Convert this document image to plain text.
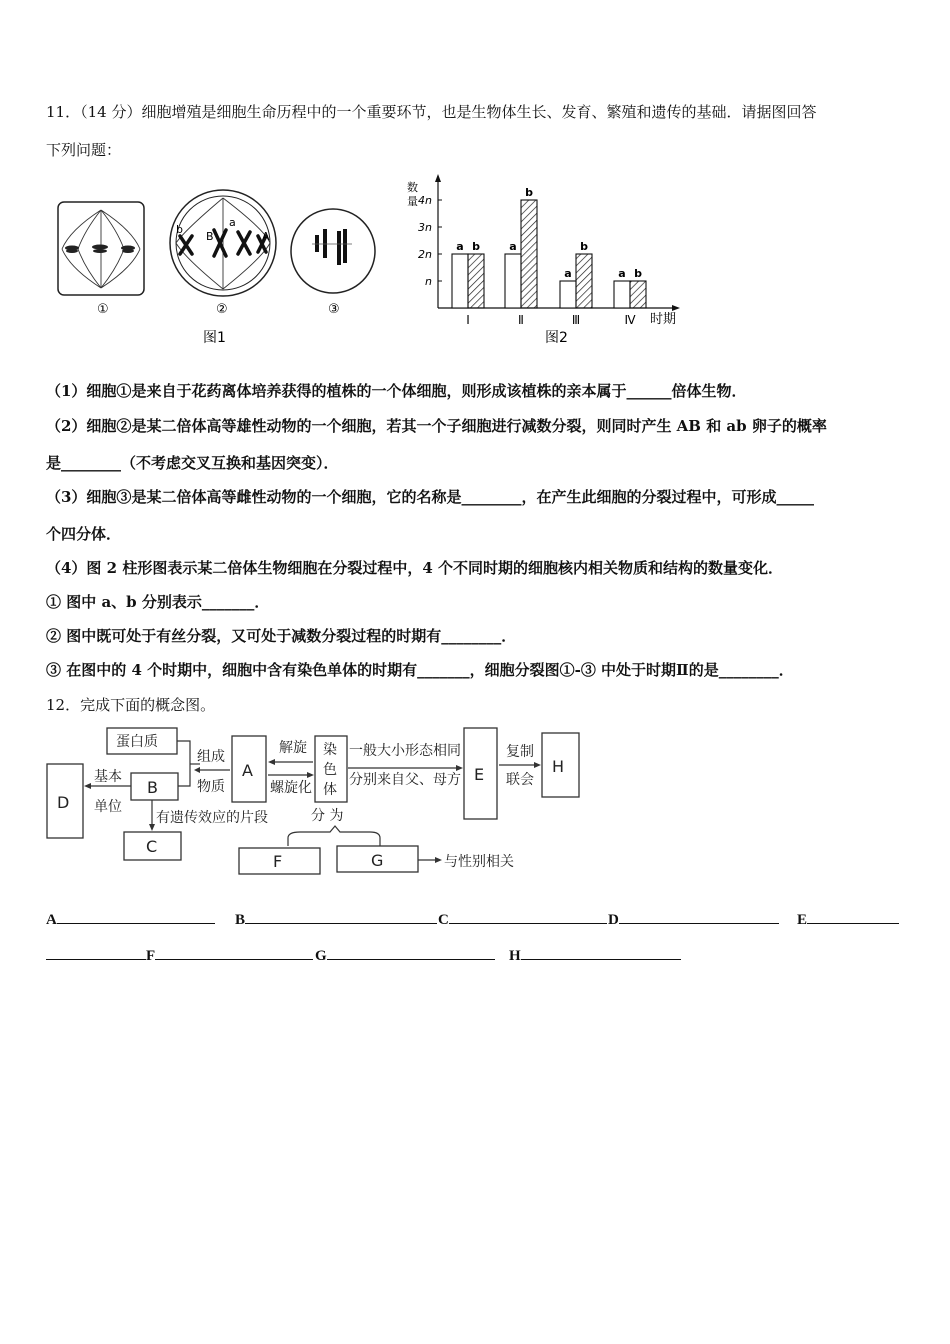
11．（14 分）细胞增殖是细胞生命历程中的一个重要环节，也是生物体生长、发育、繁殖和遗传的基础．请据图回答
下列问题：
①
b
B
a
A
②	③
图1
数
量
时期
n
2n
3n
4n
a b
Ⅰ
a
b
Ⅱ
a
b
Ⅲ
a b
Ⅳ
图2
（1）细胞①是来自于花药离体培养获得的植株的一个体细胞，则形成该植株的亲本属于______倍体生物．
（2）细胞②是某二倍体高等雄性动物的一个细胞，若其一个子细胞进行减数分裂，则同时产生 AB 和 ab 卵子的概率
是________（不考虑交叉互换和基因突变）．
（3）细胞③是某二倍体高等雌性动物的一个细胞，它的名称是________，在产生此细胞的分裂过程中，可形成_____
个四分体．
（4）图 2 柱形图表示某二倍体生物细胞在分裂过程中，4 个不同时期的细胞核内相关物质和结构的数量变化．
① 图中 a、b 分别表示_______．
② 图中既可处于有丝分裂，又可处于减数分裂过程的时期有________．
③ 在图中的 4 个时期中，细胞中含有染色单体的时期有_______，细胞分裂图①-③ 中处于时期Ⅱ的是________．
12．完成下面的概念图。
蛋白质
组成
物质
A
B
D
C
基本
单位
有遗传效应的片段
解旋
螺旋化
染
色
体
一般大小形态相同
分别来自父、母方 E
复制
联会
H
分 为
F	G	与性别相关
A	B	C	D	E
F	G	H
